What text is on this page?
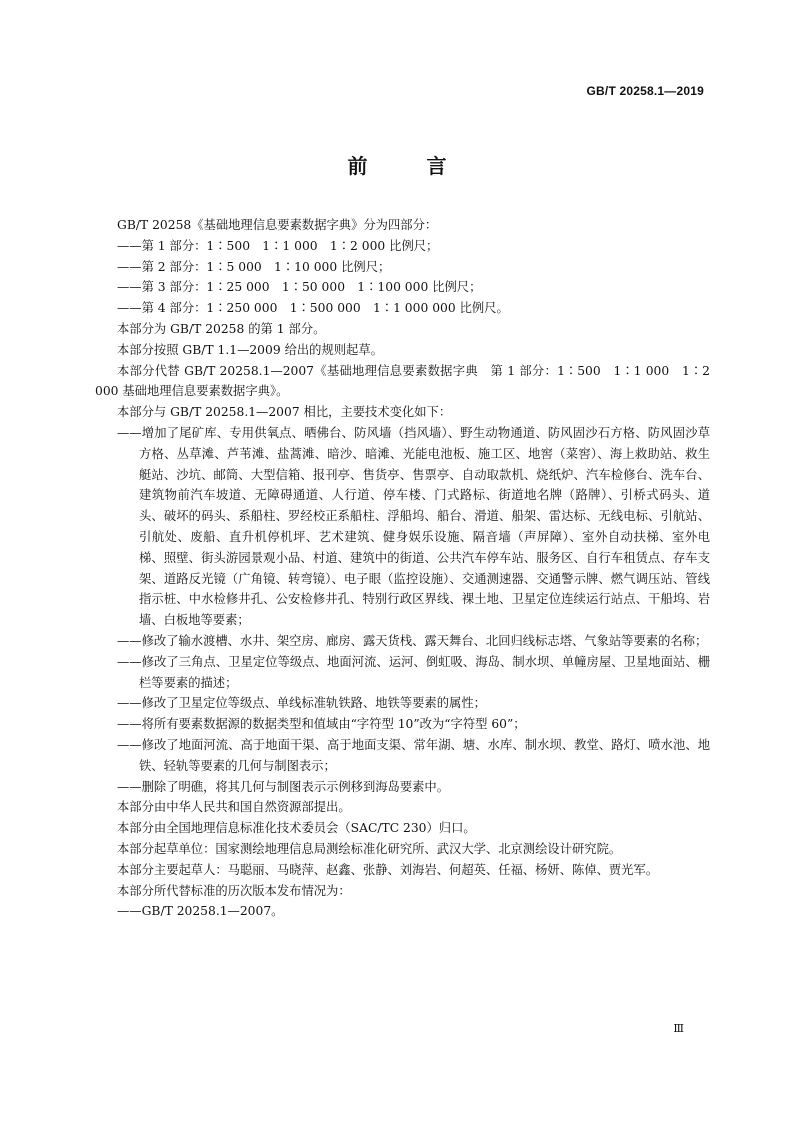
GB/T 20258.1—2019
前 言

GB/T 20258《基础地理信息要素数据字典》分为四部分：

——第 1 部分：1∶500　1∶1 000　1∶2 000 比例尺；

——第 2 部分：1∶5 000　1∶10 000 比例尺；

——第 3 部分：1∶25 000　1∶50 000　1∶100 000 比例尺；

——第 4 部分：1∶250 000　1∶500 000　1∶1 000 000 比例尺。

本部分为 GB/T 20258 的第 1 部分。

本部分按照 GB/T 1.1—2009 给出的规则起草。

本部分代替 GB/T 20258.1—2007《基础地理信息要素数据字典　第 1 部分：1∶500　1∶1 000　1∶2 000 基础地理信息要素数据字典》。

本部分与 GB/T 20258.1—2007 相比，主要技术变化如下：

——增加了尾矿库、专用供氧点、晒佛台、防风墙（挡风墙）、野生动物通道、防风固沙石方格、防风固沙草方格、丛草滩、芦苇滩、盐蒿滩、暗沙、暗滩、光能电池板、施工区、地窖（菜窖）、海上救助站、救生艇站、沙坑、邮筒、大型信箱、报刊亭、售货亭、售票亭、自动取款机、烧纸炉、汽车检修台、洗车台、建筑物前汽车坡道、无障碍通道、人行道、停车楼、门式路标、街道地名牌（路牌）、引桥式码头、道头、破坏的码头、系船柱、罗经校正系船柱、浮船坞、船台、滑道、船架、雷达标、无线电标、引航站、引航处、废船、直升机停机坪、艺术建筑、健身娱乐设施、隔音墙（声屏障）、室外自动扶梯、室外电梯、照壁、街头游园景观小品、村道、建筑中的街道、公共汽车停车站、服务区、自行车租赁点、存车支架、道路反光镜（广角镜、转弯镜）、电子眼（监控设施）、交通测速器、交通警示牌、燃气调压站、管线指示桩、中水检修井孔、公安检修井孔、特别行政区界线、裸土地、卫星定位连续运行站点、干船坞、岩墙、白板地等要素；

——修改了输水渡槽、水井、架空房、廊房、露天货栈、露天舞台、北回归线标志塔、气象站等要素的名称；

——修改了三角点、卫星定位等级点、地面河流、运河、倒虹吸、海岛、制水坝、单幢房屋、卫星地面站、栅栏等要素的描述；

——修改了卫星定位等级点、单线标准轨铁路、地铁等要素的属性；

——将所有要素数据源的数据类型和值域由“字符型 10”改为“字符型 60”；

——修改了地面河流、高于地面干渠、高于地面支渠、常年湖、塘、水库、制水坝、教堂、路灯、喷水池、地铁、轻轨等要素的几何与制图表示；

——删除了明礁，将其几何与制图表示示例移到海岛要素中。

本部分由中华人民共和国自然资源部提出。

本部分由全国地理信息标准化技术委员会（SAC/TC 230）归口。

本部分起草单位：国家测绘地理信息局测绘标准化研究所、武汉大学、北京测绘设计研究院。

本部分主要起草人：马聪丽、马晓萍、赵鑫、张静、刘海岩、何超英、任福、杨妍、陈倬、贾光军。

本部分所代替标准的历次版本发布情况为：

——GB/T 20258.1—2007。

Ⅲ
